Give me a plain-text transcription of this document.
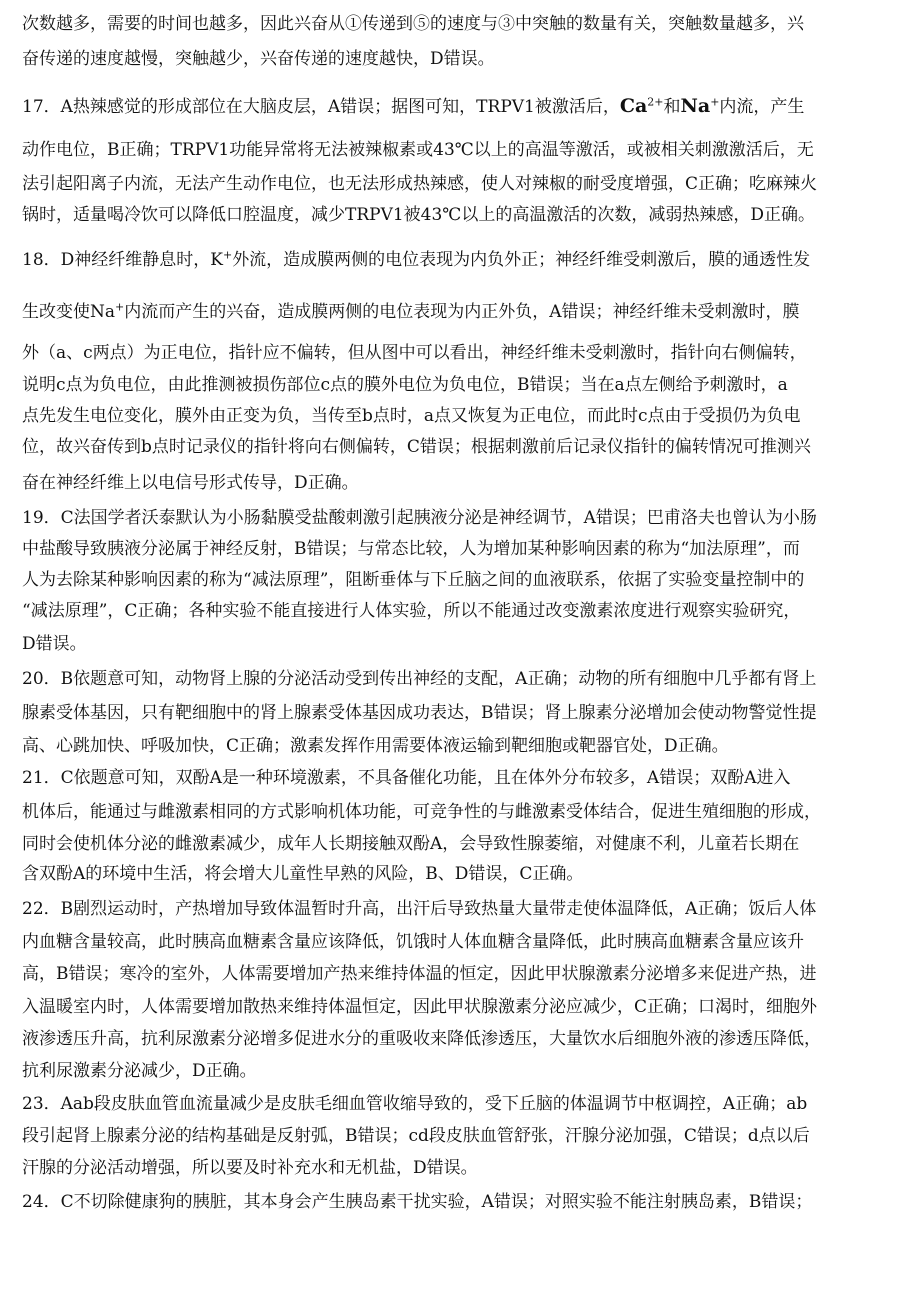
次数越多，需要的时间也越多，因此兴奋从①传递到⑤的速度与③中突触的数量有关，突触数量越多，兴
奋传递的速度越慢，突触越少，兴奋传递的速度越快，D错误。
17．A热辣感觉的形成部位在大脑皮层，A错误；据图可知，TRPV1被激活后，$Ca^{2+}$和Na+内流，产生
动作电位，B正确；TRPV1功能异常将无法被辣椒素或43℃以上的高温等激活，或被相关刺激激活后，无
法引起阳离子内流，无法产生动作电位，也无法形成热辣感，使人对辣椒的耐受度增强，C正确；吃麻辣火
锅时，适量喝冷饮可以降低口腔温度，减少TRPV1被43℃以上的高温激活的次数，减弱热辣感，D正确。
18．D神经纤维静息时，K+外流，造成膜两侧的电位表现为内负外正；神经纤维受刺激后，膜的通透性发
生改变使Na+内流而产生的兴奋，造成膜两侧的电位表现为内正外负，A错误；神经纤维未受刺激时，膜
外（a、c两点）为正电位，指针应不偏转，但从图中可以看出，神经纤维未受刺激时，指针向右侧偏转，
说明c点为负电位，由此推测被损伤部位c点的膜外电位为负电位，B错误；当在a点左侧给予刺激时，a
点先发生电位变化，膜外由正变为负，当传至b点时，a点又恢复为正电位，而此时c点由于受损仍为负电
位，故兴奋传到b点时记录仪的指针将向右侧偏转，C错误；根据刺激前后记录仪指针的偏转情况可推测兴
奋在神经纤维上以电信号形式传导，D正确。
19．C法国学者沃泰默认为小肠黏膜受盐酸刺激引起胰液分泌是神经调节，A错误；巴甫洛夫也曾认为小肠
中盐酸导致胰液分泌属于神经反射，B错误；与常态比较，人为增加某种影响因素的称为“加法原理”，而
人为去除某种影响因素的称为“减法原理”，阻断垂体与下丘脑之间的血液联系，依据了实验变量控制中的
“减法原理”，C正确；各种实验不能直接进行人体实验，所以不能通过改变激素浓度进行观察实验研究，
D错误。
20．B依题意可知，动物肾上腺的分泌活动受到传出神经的支配，A正确；动物的所有细胞中几乎都有肾上
腺素受体基因，只有靶细胞中的肾上腺素受体基因成功表达，B错误；肾上腺素分泌增加会使动物警觉性提
高、心跳加快、呼吸加快，C正确；激素发挥作用需要体液运输到靶细胞或靶器官处，D正确。
21．C依题意可知，双酚A是一种环境激素，不具备催化功能，且在体外分布较多，A错误；双酚A进入
机体后，能通过与雌激素相同的方式影响机体功能，可竞争性的与雌激素受体结合，促进生殖细胞的形成，
同时会使机体分泌的雌激素减少，成年人长期接触双酚A，会导致性腺萎缩，对健康不利，儿童若长期在
含双酚A的环境中生活，将会增大儿童性早熟的风险，B、D错误，C正确。
22．B剧烈运动时，产热增加导致体温暂时升高，出汗后导致热量大量带走使体温降低，A正确；饭后人体
内血糖含量较高，此时胰高血糖素含量应该降低，饥饿时人体血糖含量降低，此时胰高血糖素含量应该升
高，B错误；寒冷的室外，人体需要增加产热来维持体温的恒定，因此甲状腺激素分泌增多来促进产热，进
入温暖室内时，人体需要增加散热来维持体温恒定，因此甲状腺激素分泌应减少，C正确；口渴时，细胞外
液渗透压升高，抗利尿激素分泌增多促进水分的重吸收来降低渗透压，大量饮水后细胞外液的渗透压降低，
抗利尿激素分泌减少，D正确。
23．Aab段皮肤血管血流量减少是皮肤毛细血管收缩导致的，受下丘脑的体温调节中枢调控，A正确；ab
段引起肾上腺素分泌的结构基础是反射弧，B错误；cd段皮肤血管舒张，汗腺分泌加强，C错误；d点以后
汗腺的分泌活动增强，所以要及时补充水和无机盐，D错误。
24．C不切除健康狗的胰脏，其本身会产生胰岛素干扰实验，A错误；对照实验不能注射胰岛素，B错误；
